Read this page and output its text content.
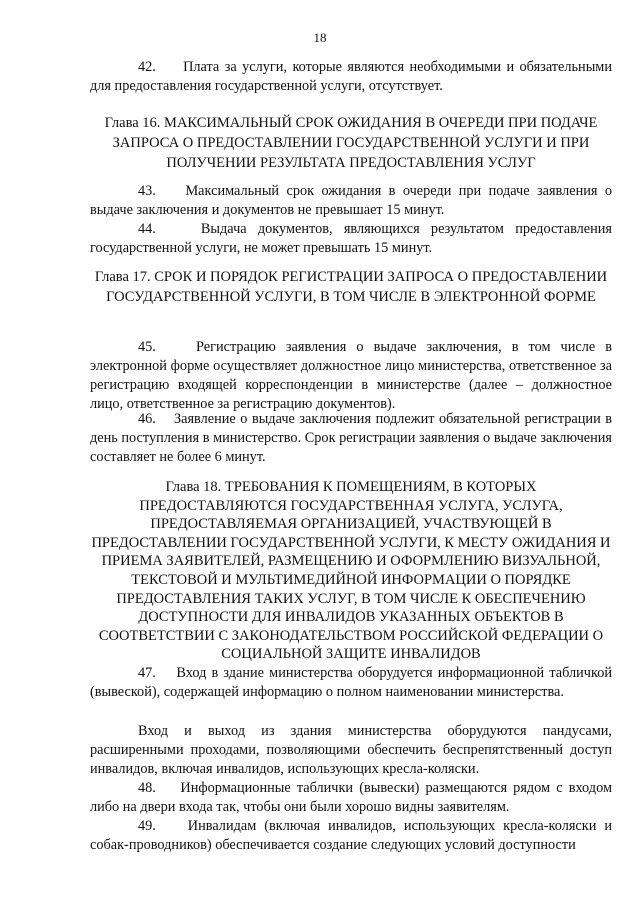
18
42.     Плата за услуги, которые являются необходимыми и обязательными для предоставления государственной услуги, отсутствует.
Глава 16. МАКСИМАЛЬНЫЙ СРОК ОЖИДАНИЯ В ОЧЕРЕДИ ПРИ ПОДАЧЕ ЗАПРОСА О ПРЕДОСТАВЛЕНИИ ГОСУДАРСТВЕННОЙ УСЛУГИ И ПРИ ПОЛУЧЕНИИ РЕЗУЛЬТАТА ПРЕДОСТАВЛЕНИЯ УСЛУГ
43.    Максимальный срок ожидания в очереди при подаче заявления о выдаче заключения и документов не превышает 15 минут.
44.    Выдача документов, являющихся результатом предоставления государственной услуги, не может превышать 15 минут.
Глава 17. СРОК И ПОРЯДОК РЕГИСТРАЦИИ ЗАПРОСА О ПРЕДОСТАВЛЕНИИ ГОСУДАРСТВЕННОЙ УСЛУГИ, В ТОМ ЧИСЛЕ В ЭЛЕКТРОННОЙ ФОРМЕ
45.    Регистрацию заявления о выдаче заключения, в том числе в электронной форме осуществляет должностное лицо министерства, ответственное за регистрацию входящей корреспонденции в министерстве (далее – должностное лицо, ответственное за регистрацию документов).
46.    Заявление о выдаче заключения подлежит обязательной регистрации в день поступления в министерство. Срок регистрации заявления о выдаче заключения составляет не более 6 минут.
Глава 18. ТРЕБОВАНИЯ К ПОМЕЩЕНИЯМ, В КОТОРЫХ ПРЕДОСТАВЛЯЮТСЯ ГОСУДАРСТВЕННАЯ УСЛУГА, УСЛУГА, ПРЕДОСТАВЛЯЕМАЯ ОРГАНИЗАЦИЕЙ, УЧАСТВУЮЩЕЙ В ПРЕДОСТАВЛЕНИИ ГОСУДАРСТВЕННОЙ УСЛУГИ, К МЕСТУ ОЖИДАНИЯ И ПРИЕМА ЗАЯВИТЕЛЕЙ, РАЗМЕЩЕНИЮ И ОФОРМЛЕНИЮ ВИЗУАЛЬНОЙ, ТЕКСТОВОЙ И МУЛЬТИМЕДИЙНОЙ ИНФОРМАЦИИ О ПОРЯДКЕ ПРЕДОСТАВЛЕНИЯ ТАКИХ УСЛУГ, В ТОМ ЧИСЛЕ К ОБЕСПЕЧЕНИЮ ДОСТУПНОСТИ ДЛЯ ИНВАЛИДОВ УКАЗАННЫХ ОБЪЕКТОВ В СООТВЕТСТВИИ С ЗАКОНОДАТЕЛЬСТВОМ РОССИЙСКОЙ ФЕДЕРАЦИИ О СОЦИАЛЬНОЙ ЗАЩИТЕ ИНВАЛИДОВ
47.    Вход в здание министерства оборудуется информационной табличкой (вывеской), содержащей информацию о полном наименовании министерства.
Вход и выход из здания министерства оборудуются пандусами, расширенными проходами, позволяющими обеспечить беспрепятственный доступ инвалидов, включая инвалидов, использующих кресла-коляски.
48.    Информационные таблички (вывески) размещаются рядом с входом либо на двери входа так, чтобы они были хорошо видны заявителям.
49.    Инвалидам (включая инвалидов, использующих кресла-коляски и собак-проводников) обеспечивается создание следующих условий доступности
